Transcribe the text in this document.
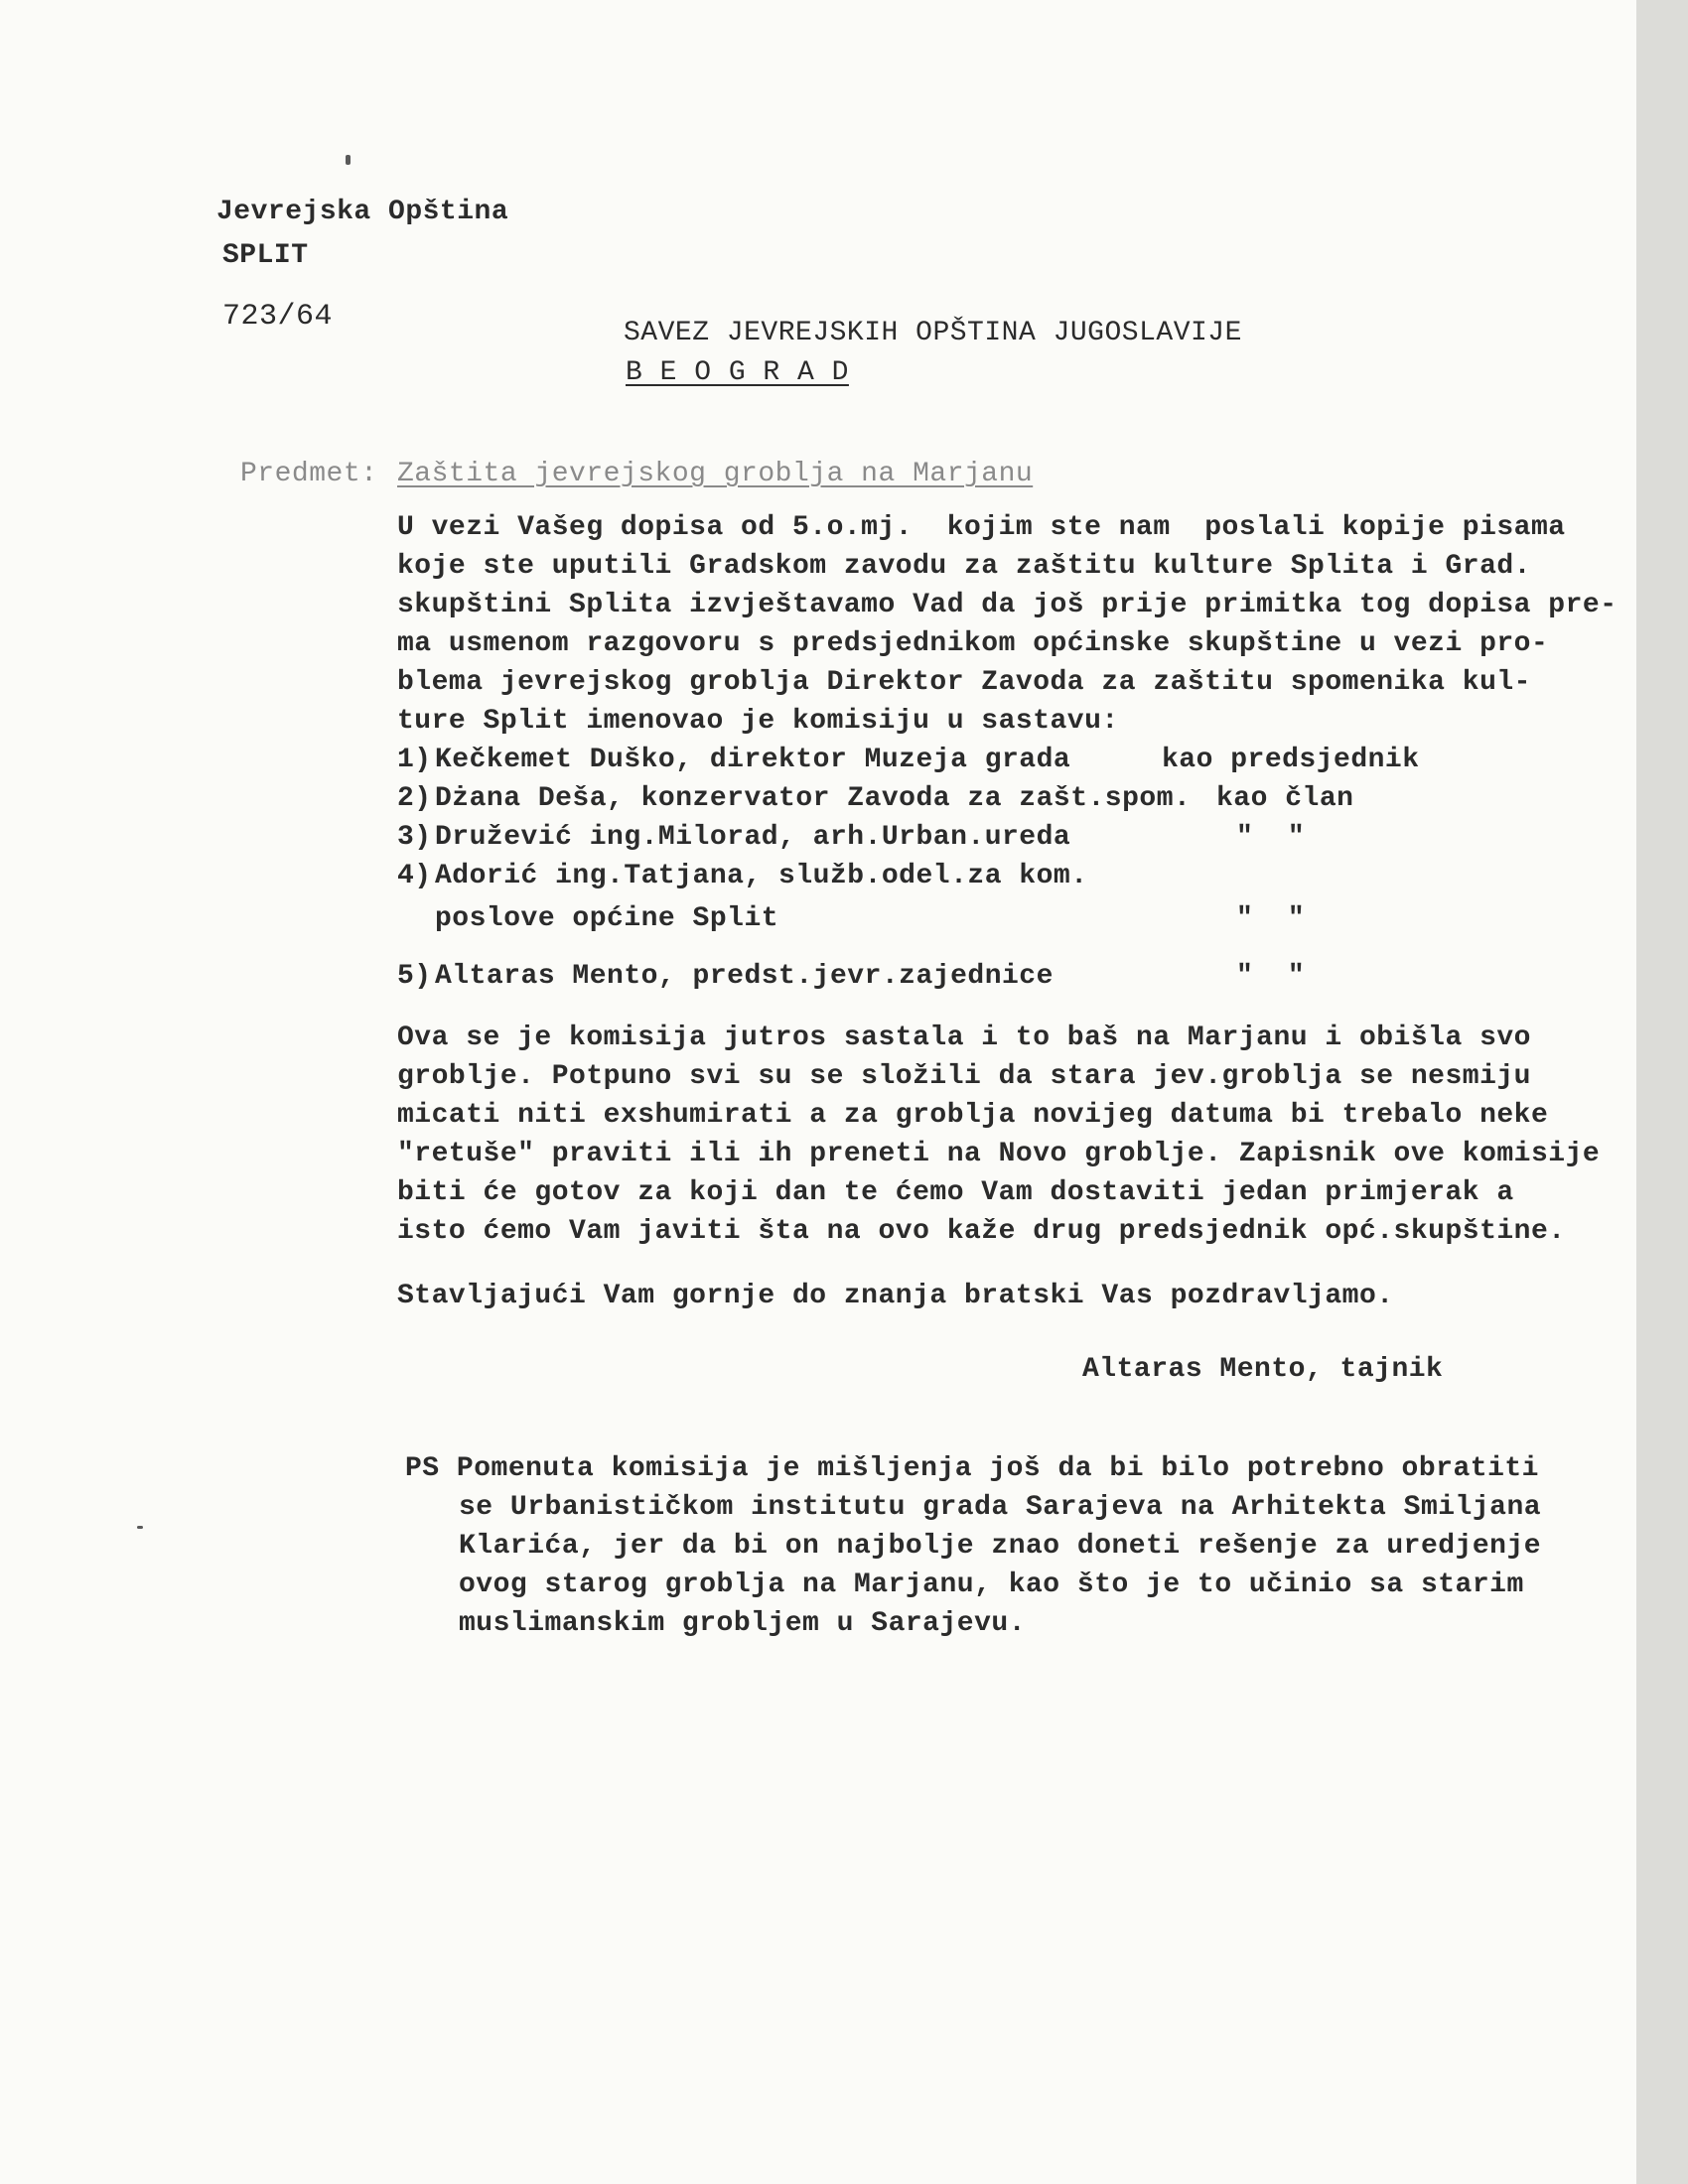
Jevrejska Opština
SPLIT
723/64	SAVEZ JEVREJSKIH OPŠTINA JUGOSLAVIJE
B E O G R A D
Predmet: Zaštita jevrejskog groblja na Marjanu
U vezi Vašeg dopisa od 5.o.mj.  kojim ste nam  poslali kopije pisama
koje ste uputili Gradskom zavodu za zaštitu kulture Splita i Grad.
skupštini Splita izvještavamo Vad da još prije primitka tog dopisa pre-
ma usmenom razgovoru s predsjednikom općinske skupštine u vezi pro-
blema jevrejskog groblja Direktor Zavoda za zaštitu spomenika kul-
ture Split imenovao je komisiju u sastavu:
1) Kečkemet Duško, direktor Muzeja grada	kao predsjednik
2) Dżana Deša, konzervator Zavoda za zašt.spom. kao član
3) Družević ing.Milorad, arh.Urban.ureda	"  "
4) Adorić ing.Tatjana, služb.odel.za kom.
poslove općine Split	"  "
5) Altaras Mento, predst.jevr.zajednice	"  "
Ova se je komisija jutros sastala i to baš na Marjanu i obišla svo
groblje. Potpuno svi su se složili da stara jev.groblja se nesmiju
micati niti exshumirati a za groblja novijeg datuma bi trebalo neke
"retuše" praviti ili ih preneti na Novo groblje. Zapisnik ove komisije
biti će gotov za koji dan te ćemo Vam dostaviti jedan primjerak a
isto ćemo Vam javiti šta na ovo kaže drug predsjednik opć.skupštine.
Stavljajući Vam gornje do znanja bratski Vas pozdravljamo.
Altaras Mento, tajnik
PS Pomenuta komisija je mišljenja još da bi bilo potrebno obratiti
se Urbanističkom institutu grada Sarajeva na Arhitekta Smiljana
Klarića, jer da bi on najbolje znao doneti rešenje za uredjenje
ovog starog groblja na Marjanu, kao što je to učinio sa starim
muslimanskim grobljem u Sarajevu.
